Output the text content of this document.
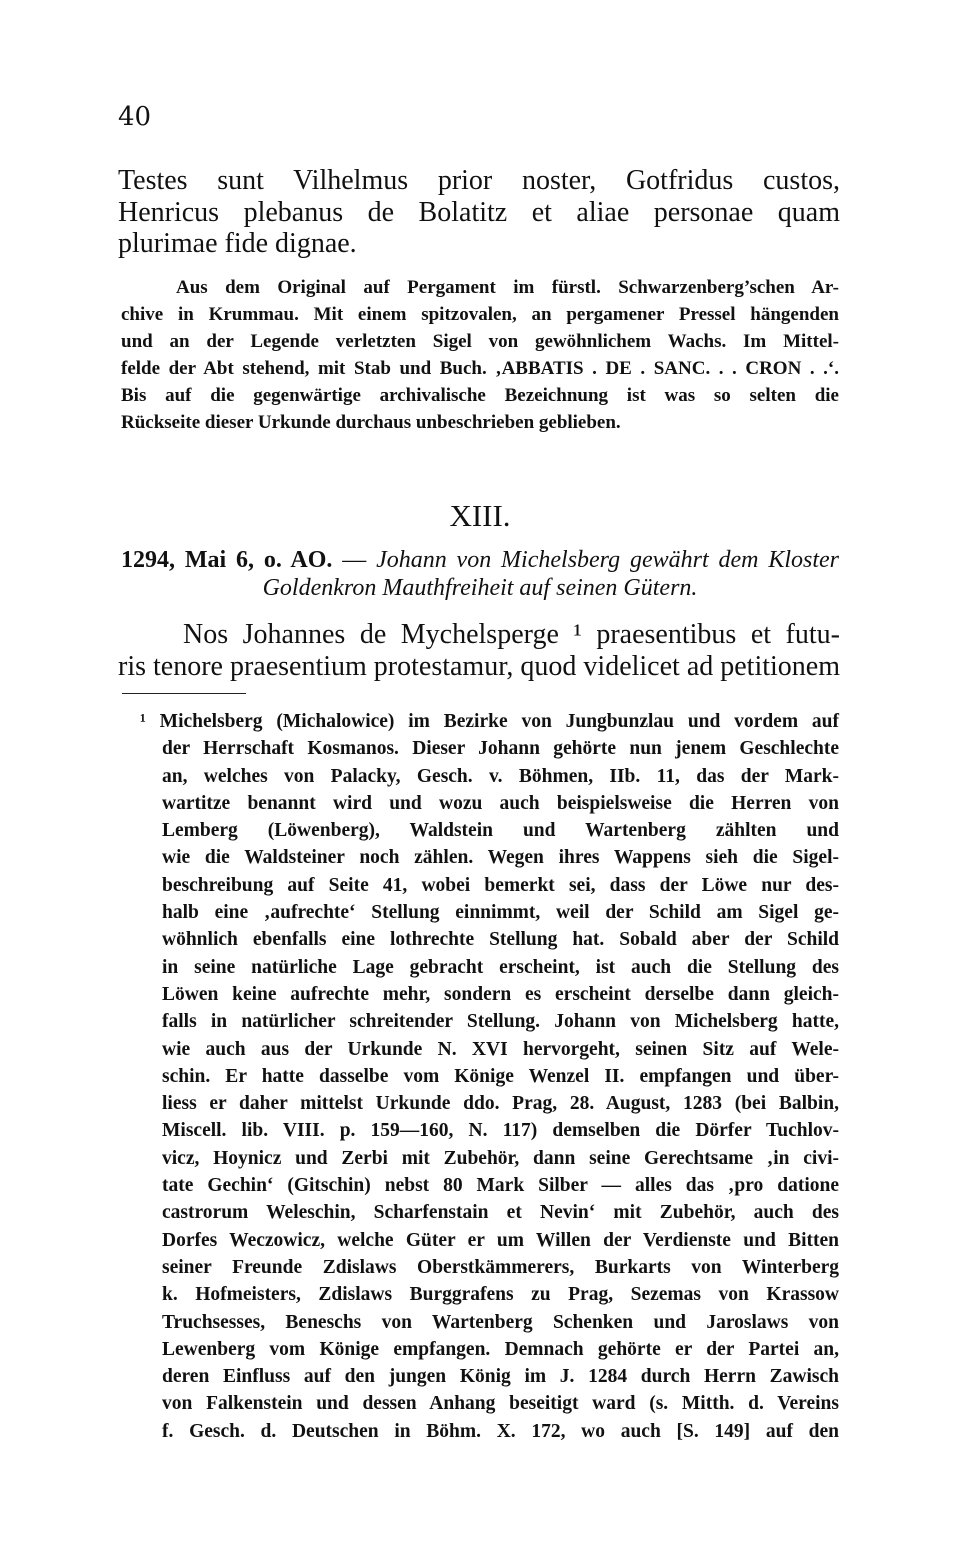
40
Testes sunt Vilhelmus prior noster, Gotfridus custos,
Henricus plebanus de Bolatitz et aliae personae quam
plurimae fide dignae.
Aus dem Original auf Pergament im fürstl. Schwarzenberg’schen Ar-
chive in Krummau. Mit einem spitzovalen, an pergamener Pressel hängenden
und an der Legende verletzten Sigel von gewöhnlichem Wachs. Im Mittel-
felde der Abt stehend, mit Stab und Buch. ‚ABBATIS . DE . SANC. . . CRON . .‘.
Bis auf die gegenwärtige archivalische Bezeichnung ist was so selten die
Rückseite dieser Urkunde durchaus unbeschrieben geblieben.
XIII.
1294, Mai 6, o. AO. — Johann von Michelsberg gewährt dem Kloster
Goldenkron Mauthfreiheit auf seinen Gütern.
Nos Johannes de Mychelsperge ¹ praesentibus et futu-
ris tenore praesentium protestamur, quod videlicet ad petitionem
¹ Michelsberg (Michalowice) im Bezirke von Jungbunzlau und vordem auf
der Herrschaft Kosmanos. Dieser Johann gehörte nun jenem Geschlechte
an, welches von Palacky, Gesch. v. Böhmen, IIb. 11, das der Mark-
wartitze benannt wird und wozu auch beispielsweise die Herren von
Lemberg (Löwenberg), Waldstein und Wartenberg zählten und
wie die Waldsteiner noch zählen. Wegen ihres Wappens sieh die Sigel-
beschreibung auf Seite 41, wobei bemerkt sei, dass der Löwe nur des-
halb eine ‚aufrechte‘ Stellung einnimmt, weil der Schild am Sigel ge-
wöhnlich ebenfalls eine lothrechte Stellung hat. Sobald aber der Schild
in seine natürliche Lage gebracht erscheint, ist auch die Stellung des
Löwen keine aufrechte mehr, sondern es erscheint derselbe dann gleich-
falls in natürlicher schreitender Stellung. Johann von Michelsberg hatte,
wie auch aus der Urkunde N. XVI hervorgeht, seinen Sitz auf Wele-
schin. Er hatte dasselbe vom Könige Wenzel II. empfangen und über-
liess er daher mittelst Urkunde ddo. Prag, 28. August, 1283 (bei Balbin,
Miscell. lib. VIII. p. 159—160, N. 117) demselben die Dörfer Tuchlov-
vicz, Hoynicz und Zerbi mit Zubehör, dann seine Gerechtsame ‚in civi-
tate Gechin‘ (Gitschin) nebst 80 Mark Silber — alles das ‚pro datione
castrorum Weleschin, Scharfenstain et Nevin‘ mit Zubehör, auch des
Dorfes Weczowicz, welche Güter er um Willen der Verdienste und Bitten
seiner Freunde Zdislaws Oberstkämmerers, Burkarts von Winterberg
k. Hofmeisters, Zdislaws Burggrafens zu Prag, Sezemas von Krassow
Truchsesses, Beneschs von Wartenberg Schenken und Jaroslaws von
Lewenberg vom Könige empfangen. Demnach gehörte er der Partei an,
deren Einfluss auf den jungen König im J. 1284 durch Herrn Zawisch
von Falkenstein und dessen Anhang beseitigt ward (s. Mitth. d. Vereins
f. Gesch. d. Deutschen in Böhm. X. 172, wo auch [S. 149] auf den
